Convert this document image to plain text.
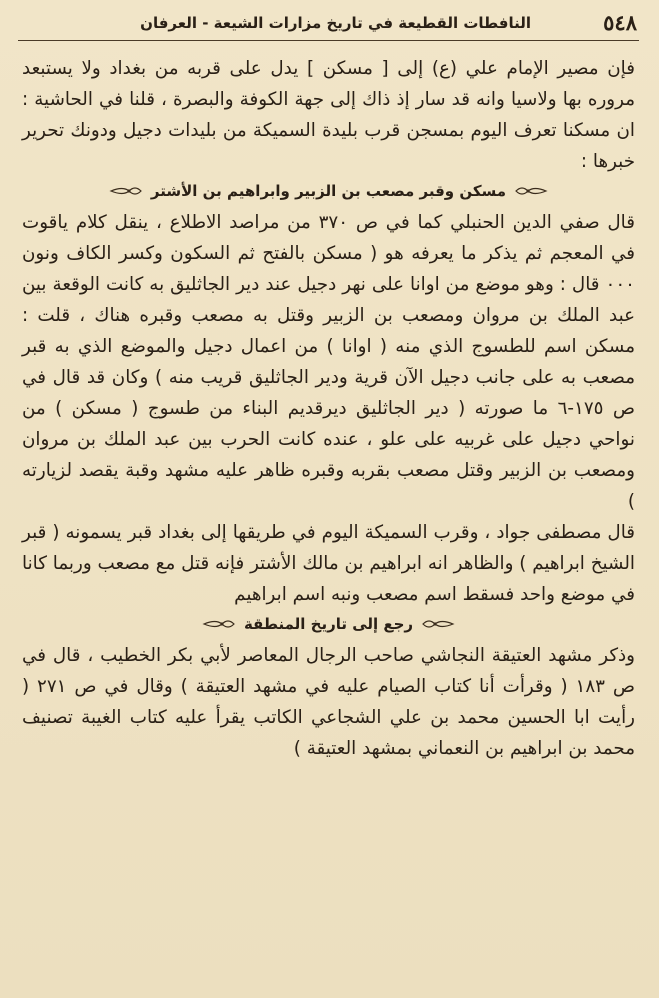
٥٤٨
النافطات القطيعة في تاريخ مزارات الشيعة - العرفان

فإن مصير الإمام علي (ع) إلى [ مسكن ] يدل على قربه من بغداد ولا يستبعد مروره بها ولاسيا وانه قد سار إذ ذاك إلى جهة الكوفة والبصرة ، قلنا في الحاشية : ان مسكنا تعرف اليوم بمسجن قرب بليدة السميكة من بليدات دجيل ودونك تحرير خبرها :

مسكن وقبر مصعب بن الزبير وابراهيم بن الأشتر

قال صفي الدين الحنبلي كما في ص ٣٧٠ من مراصد الاطلاع ، ينقل كلام ياقوت في المعجم ثم يذكر ما يعرفه هو ( مسكن بالفتح ثم السكون وكسر الكاف ونون ٠٠٠ قال : وهو موضع من اوانا على نهر دجيل عند دير الجاثليق به كانت الوقعة بين عبد الملك بن مروان ومصعب بن الزبير وقتل به مصعب وقبره هناك ، قلت : مسكن اسم للطسوج الذي منه ( اوانا ) من اعمال دجيل والموضع الذي به قبر مصعب به على جانب دجيل الآن قرية ودير الجاثليق قريب منه ) وكان قد قال في ص ١٧٥-٦ ما صورته ( دير الجاثليق ديرقديم البناء من طسوج ( مسكن ) من نواحي دجيل على غربيه على علو ، عنده كانت الحرب بين عبد الملك بن مروان ومصعب بن الزبير وقتل مصعب بقربه وقبره ظاهر عليه مشهد وقبة يقصد لزيارته )

قال مصطفى جواد ، وقرب السميكة اليوم في طريقها إلى بغداد قبر يسمونه ( قبر الشيخ ابراهيم ) والظاهر انه ابراهيم بن مالك الأشتر فإنه قتل مع مصعب وربما كانا في موضع واحد فسقط اسم مصعب ونبه اسم ابراهيم

رجع إلى تاريخ المنطقة

وذكر مشهد العتيقة النجاشي صاحب الرجال المعاصر لأبي بكر الخطيب ، قال في ص ١٨٣ ( وقرأت أنا كتاب الصيام عليه في مشهد العتيقة ) وقال في ص ٢٧١ ( رأيت ابا الحسين محمد بن علي الشجاعي الكاتب يقرأ عليه كتاب الغيبة تصنيف محمد بن ابراهيم بن النعماني بمشهد العتيقة )
